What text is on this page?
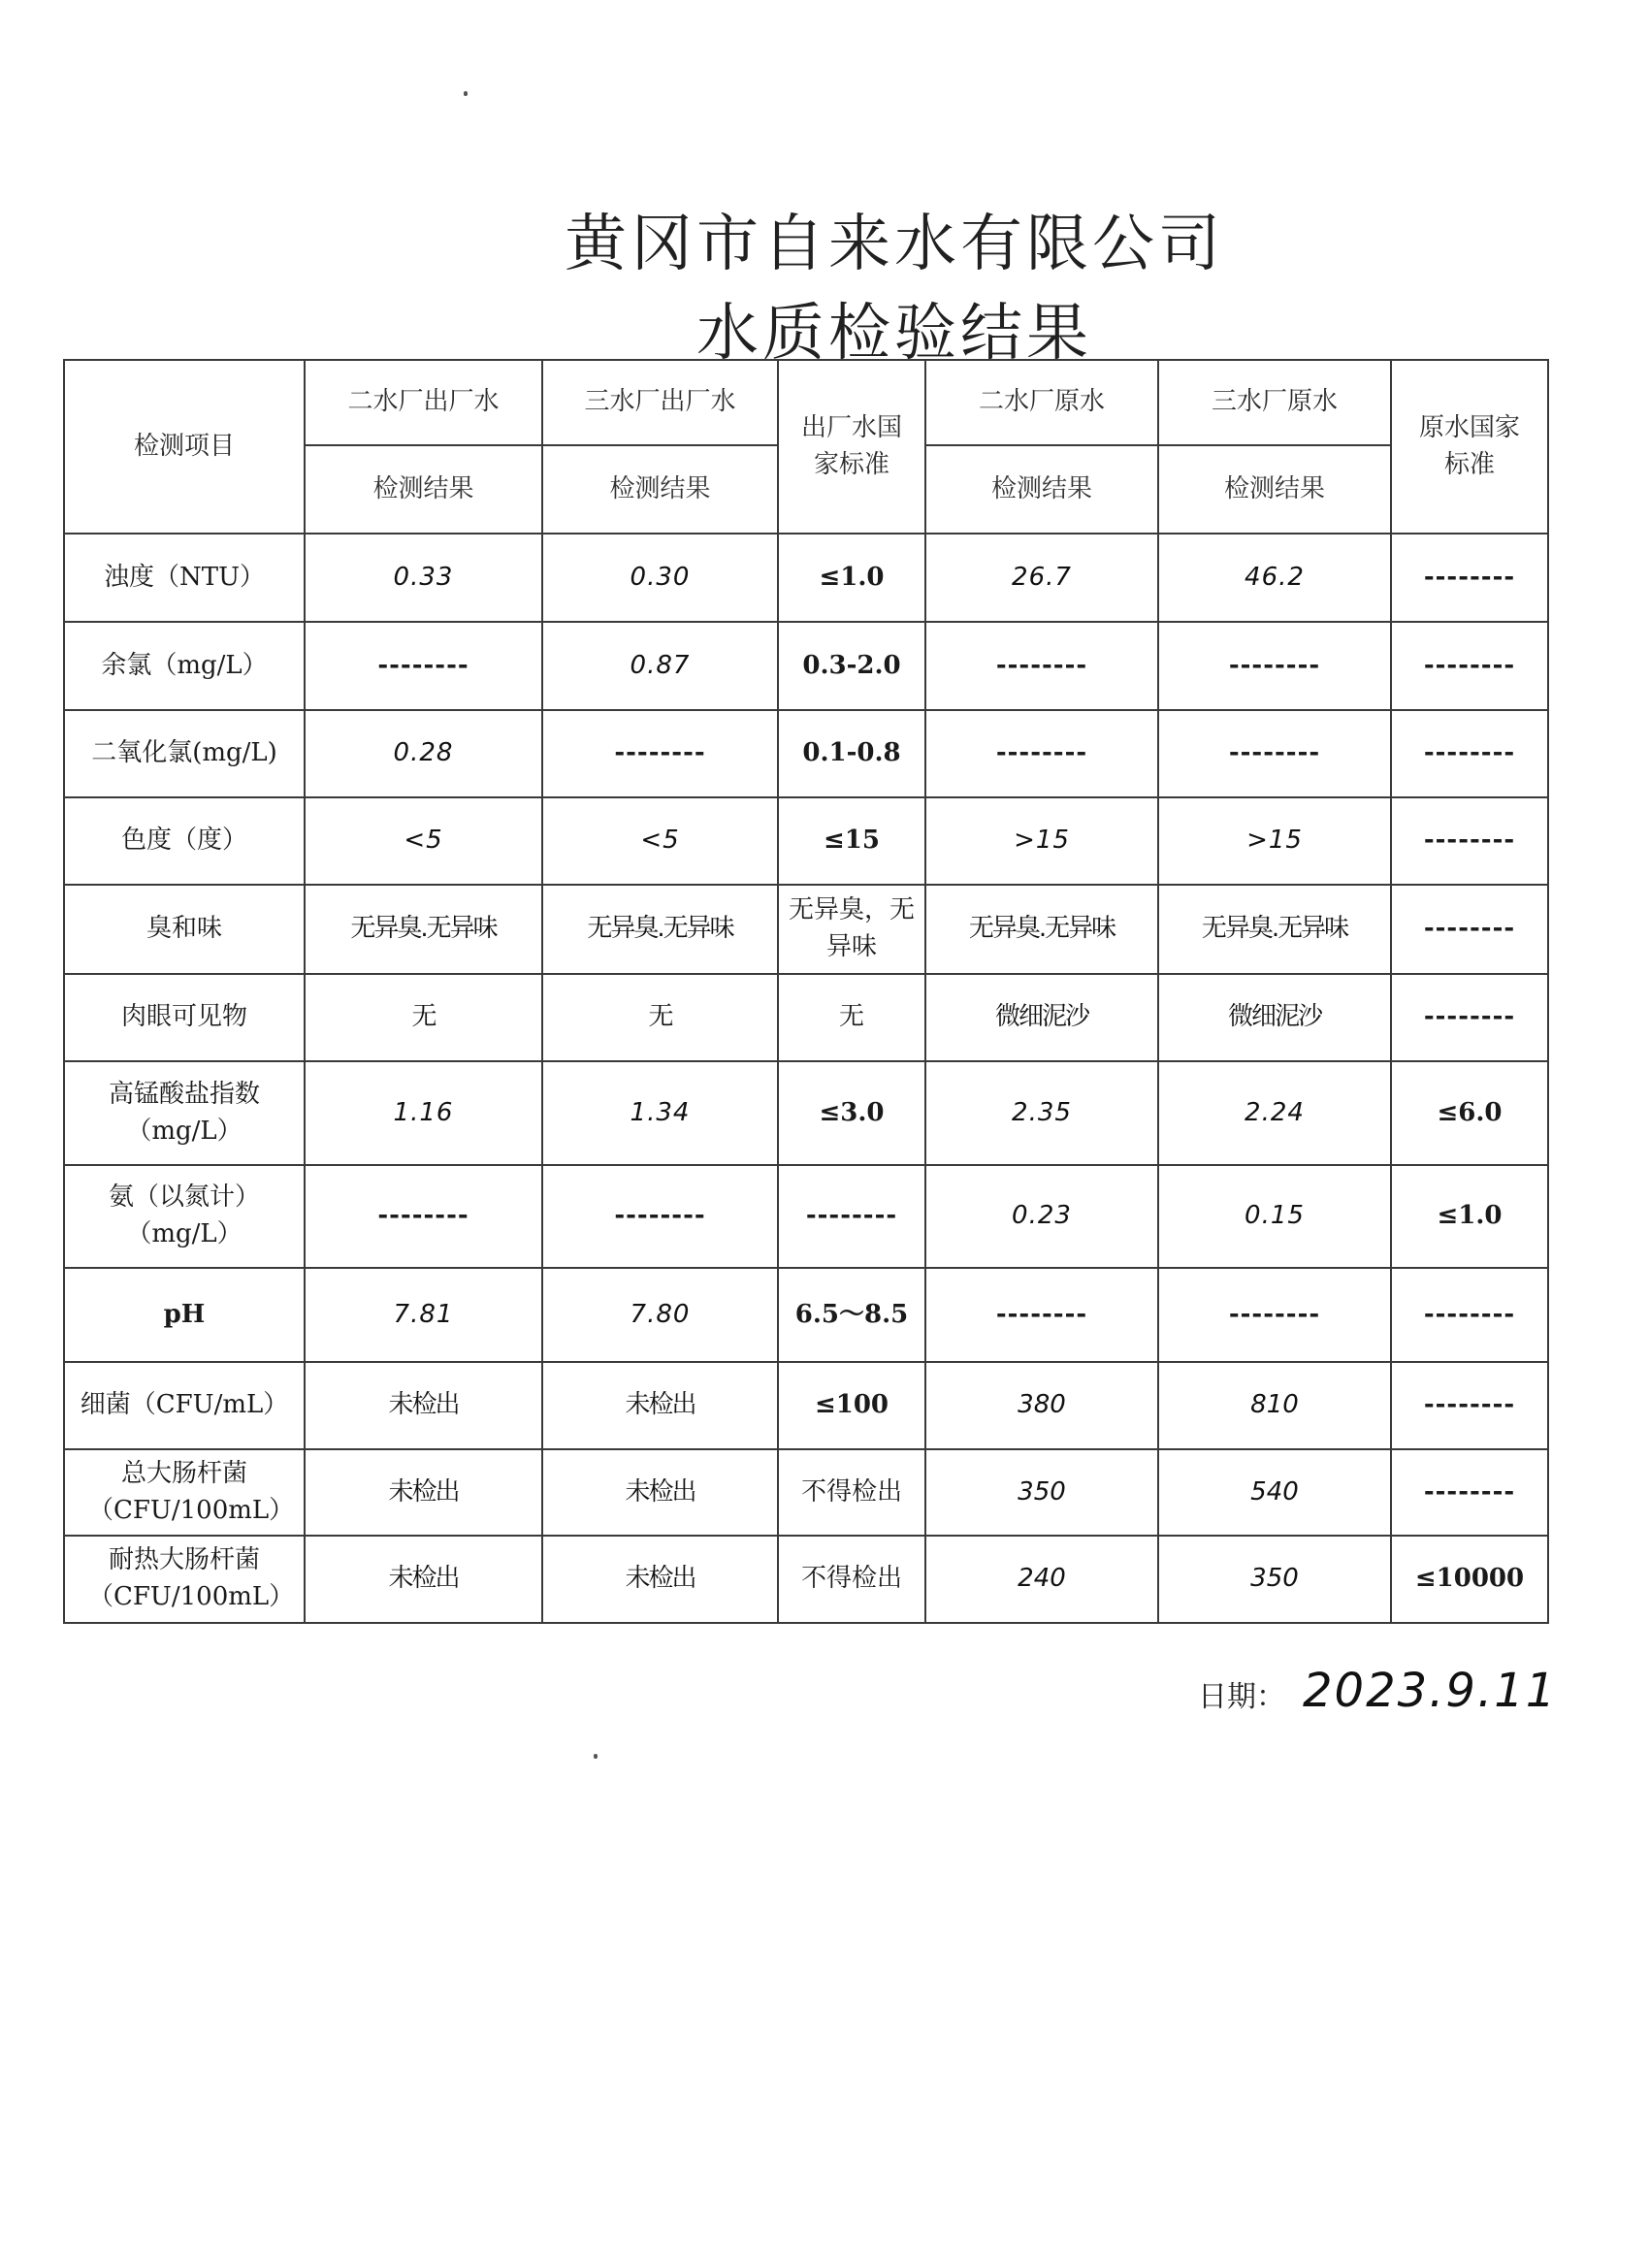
黄冈市自来水有限公司
水质检验结果
检测项目	二水厂出厂水	三水厂出厂水	出厂水国家标准	二水厂原水	三水厂原水	原水国家标准
	检测结果	检测结果		检测结果	检测结果	
浊度（NTU）	0.33	0.30	≤1.0	26.7	46.2	--------
余氯（mg/L）	--------	0.87	0.3-2.0	--------	--------	--------
二氧化氯(mg/L)	0.28	--------	0.1-0.8	--------	--------	--------
色度（度）	<5	<5	≤15	>15	>15	--------
臭和味	无异臭.无异味	无异臭.无异味	无异臭，无异味	无异臭.无异味	无异臭.无异味	--------
肉眼可见物	无	无	无	微细泥沙	微细泥沙	--------
高锰酸盐指数（mg/L）	1.16	1.34	≤3.0	2.35	2.24	≤6.0
氨（以氮计）（mg/L）	--------	--------	--------	0.23	0.15	≤1.0
pH	7.81	7.80	6.5～8.5	--------	--------	--------
细菌（CFU/mL）	未检出	未检出	≤100	380	810	--------
总大肠杆菌（CFU/100mL）	未检出	未检出	不得检出	350	540	--------
耐热大肠杆菌（CFU/100mL）	未检出	未检出	不得检出	240	350	≤10000
日期： 2023.9.11
